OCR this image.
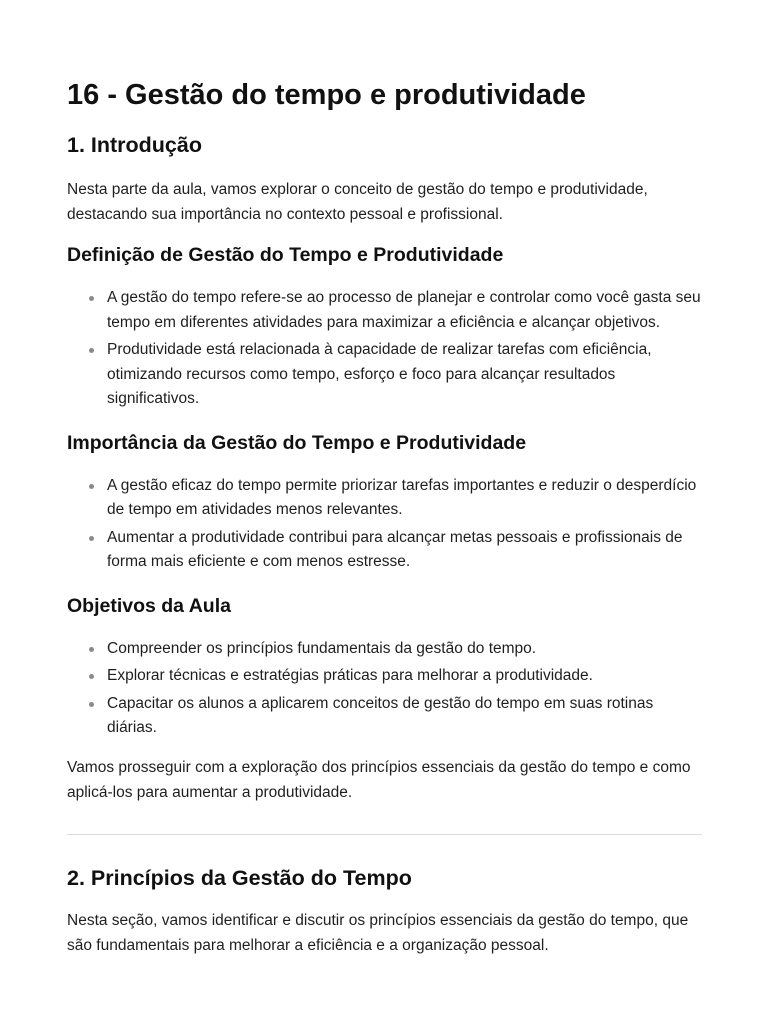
16 - Gestão do tempo e produtividade
1. Introdução

Nesta parte da aula, vamos explorar o conceito de gestão do tempo e produtividade, destacando sua importância no contexto pessoal e profissional.

Definição de Gestão do Tempo e Produtividade
A gestão do tempo refere-se ao processo de planejar e controlar como você gasta seu tempo em diferentes atividades para maximizar a eficiência e alcançar objetivos.
Produtividade está relacionada à capacidade de realizar tarefas com eficiência, otimizando recursos como tempo, esforço e foco para alcançar resultados significativos.
Importância da Gestão do Tempo e Produtividade
A gestão eficaz do tempo permite priorizar tarefas importantes e reduzir o desperdício de tempo em atividades menos relevantes.
Aumentar a produtividade contribui para alcançar metas pessoais e profissionais de forma mais eficiente e com menos estresse.
Objetivos da Aula
Compreender os princípios fundamentais da gestão do tempo.
Explorar técnicas e estratégias práticas para melhorar a produtividade.
Capacitar os alunos a aplicarem conceitos de gestão do tempo em suas rotinas diárias.

Vamos prosseguir com a exploração dos princípios essenciais da gestão do tempo e como aplicá-los para aumentar a produtividade.

2. Princípios da Gestão do Tempo

Nesta seção, vamos identificar e discutir os princípios essenciais da gestão do tempo, que são fundamentais para melhorar a eficiência e a organização pessoal.
